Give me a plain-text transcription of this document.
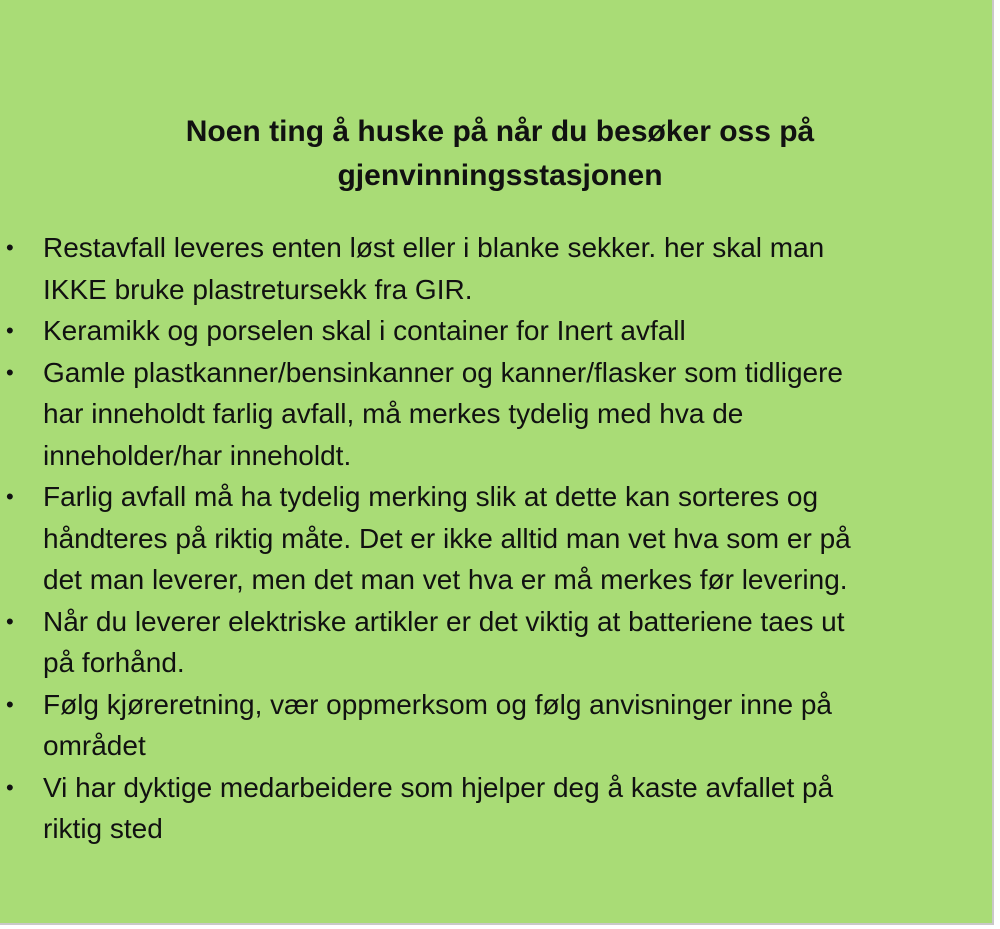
Noen ting å huske på når du besøker oss på
gjenvinningsstasjonen
• Restavfall leveres enten løst eller i blanke sekker. her skal man
IKKE bruke plastretursekk fra GIR.
• Keramikk og porselen skal i container for Inert avfall
• Gamle plastkanner/bensinkanner og kanner/flasker som tidligere
har inneholdt farlig avfall, må merkes tydelig med hva de
inneholder/har inneholdt.
• Farlig avfall må ha tydelig merking slik at dette kan sorteres og
håndteres på riktig måte. Det er ikke alltid man vet hva som er på
det man leverer, men det man vet hva er må merkes før levering.
• Når du leverer elektriske artikler er det viktig at batteriene taes ut
på forhånd.
• Følg kjøreretning, vær oppmerksom og følg anvisninger inne på
området
• Vi har dyktige medarbeidere som hjelper deg å kaste avfallet på
riktig sted
